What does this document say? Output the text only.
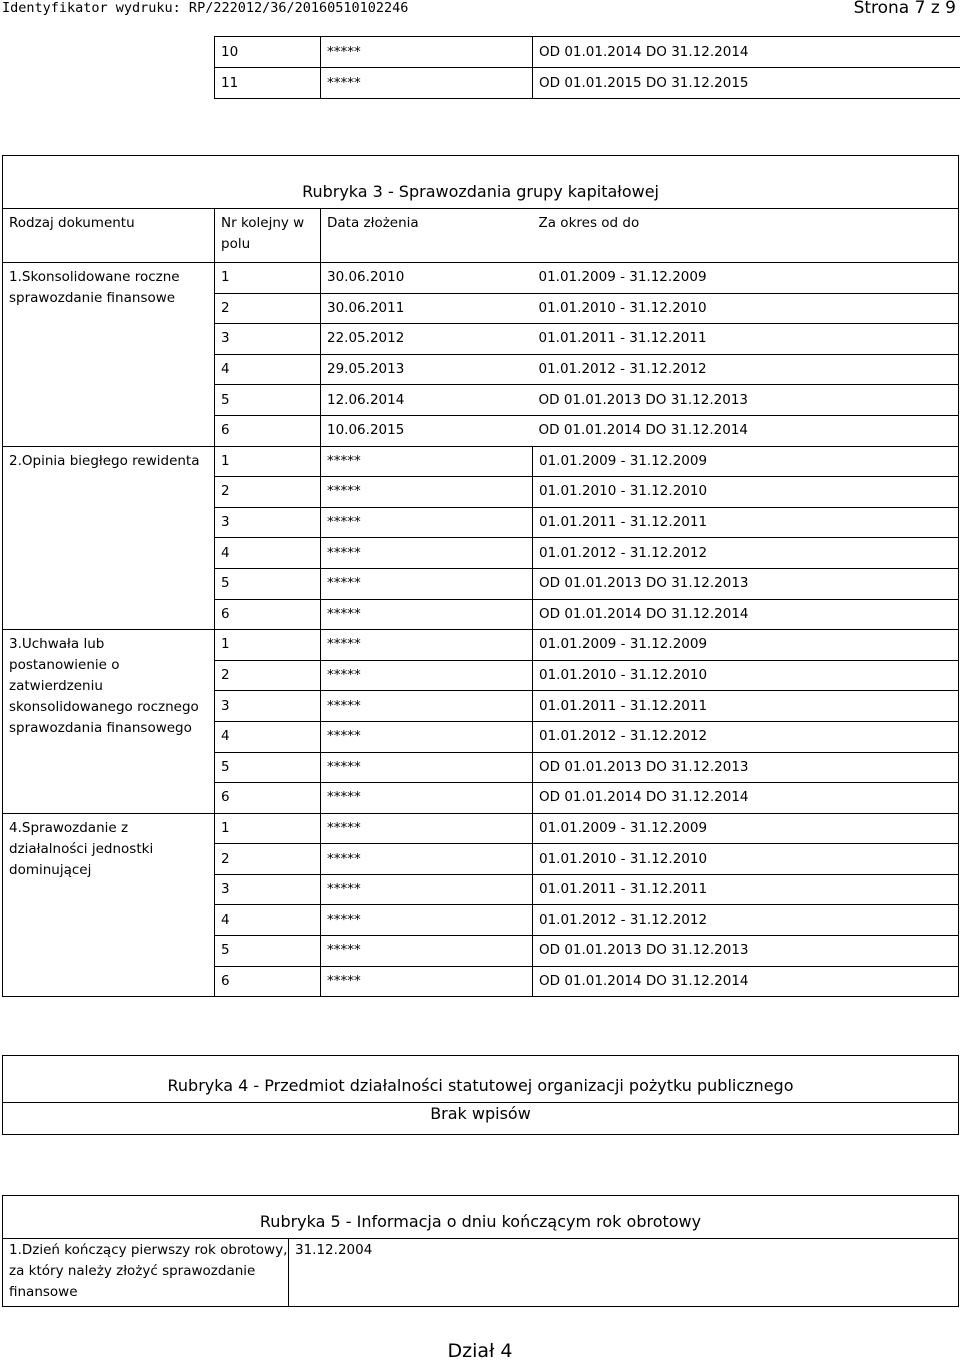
Identyfikator wydruku: RP/222012/36/20160510102246	Strona 7 z 9
10	*****	OD 01.01.2014 DO 31.12.2014
11	*****	OD 01.01.2015 DO 31.12.2015
Rubryka 3 - Sprawozdania grupy kapitałowej			
Rodzaj dokumentu	Nr kolejny w polu	Data złożenia	Za okres od do
1.Skonsolidowane roczne sprawozdanie finansowe	1	30.06.2010	01.01.2009 - 31.12.2009
	2	30.06.2011	01.01.2010 - 31.12.2010
	3	22.05.2012	01.01.2011 - 31.12.2011
	4	29.05.2013	01.01.2012 - 31.12.2012
	5	12.06.2014	OD 01.01.2013 DO 31.12.2013
	6	10.06.2015	OD 01.01.2014 DO 31.12.2014
2.Opinia biegłego rewidenta	1	*****	01.01.2009 - 31.12.2009
	2	*****	01.01.2010 - 31.12.2010
	3	*****	01.01.2011 - 31.12.2011
	4	*****	01.01.2012 - 31.12.2012
	5	*****	OD 01.01.2013 DO 31.12.2013
	6	*****	OD 01.01.2014 DO 31.12.2014
3.Uchwała lub postanowienie o zatwierdzeniu skonsolidowanego rocznego sprawozdania finansowego	1	*****	01.01.2009 - 31.12.2009
	2	*****	01.01.2010 - 31.12.2010
	3	*****	01.01.2011 - 31.12.2011
	4	*****	01.01.2012 - 31.12.2012
	5	*****	OD 01.01.2013 DO 31.12.2013
	6	*****	OD 01.01.2014 DO 31.12.2014
4.Sprawozdanie z działalności jednostki dominującej	1	*****	01.01.2009 - 31.12.2009
	2	*****	01.01.2010 - 31.12.2010
	3	*****	01.01.2011 - 31.12.2011
	4	*****	01.01.2012 - 31.12.2012
	5	*****	OD 01.01.2013 DO 31.12.2013
	6	*****	OD 01.01.2014 DO 31.12.2014
Rubryka 4 - Przedmiot działalności statutowej organizacji pożytku publicznego
Brak wpisów
Rubryka 5 - Informacja o dniu kończącym rok obrotowy
1.Dzień kończący pierwszy rok obrotowy, za który należy złożyć sprawozdanie finansowe	31.12.2004
Dział 4
